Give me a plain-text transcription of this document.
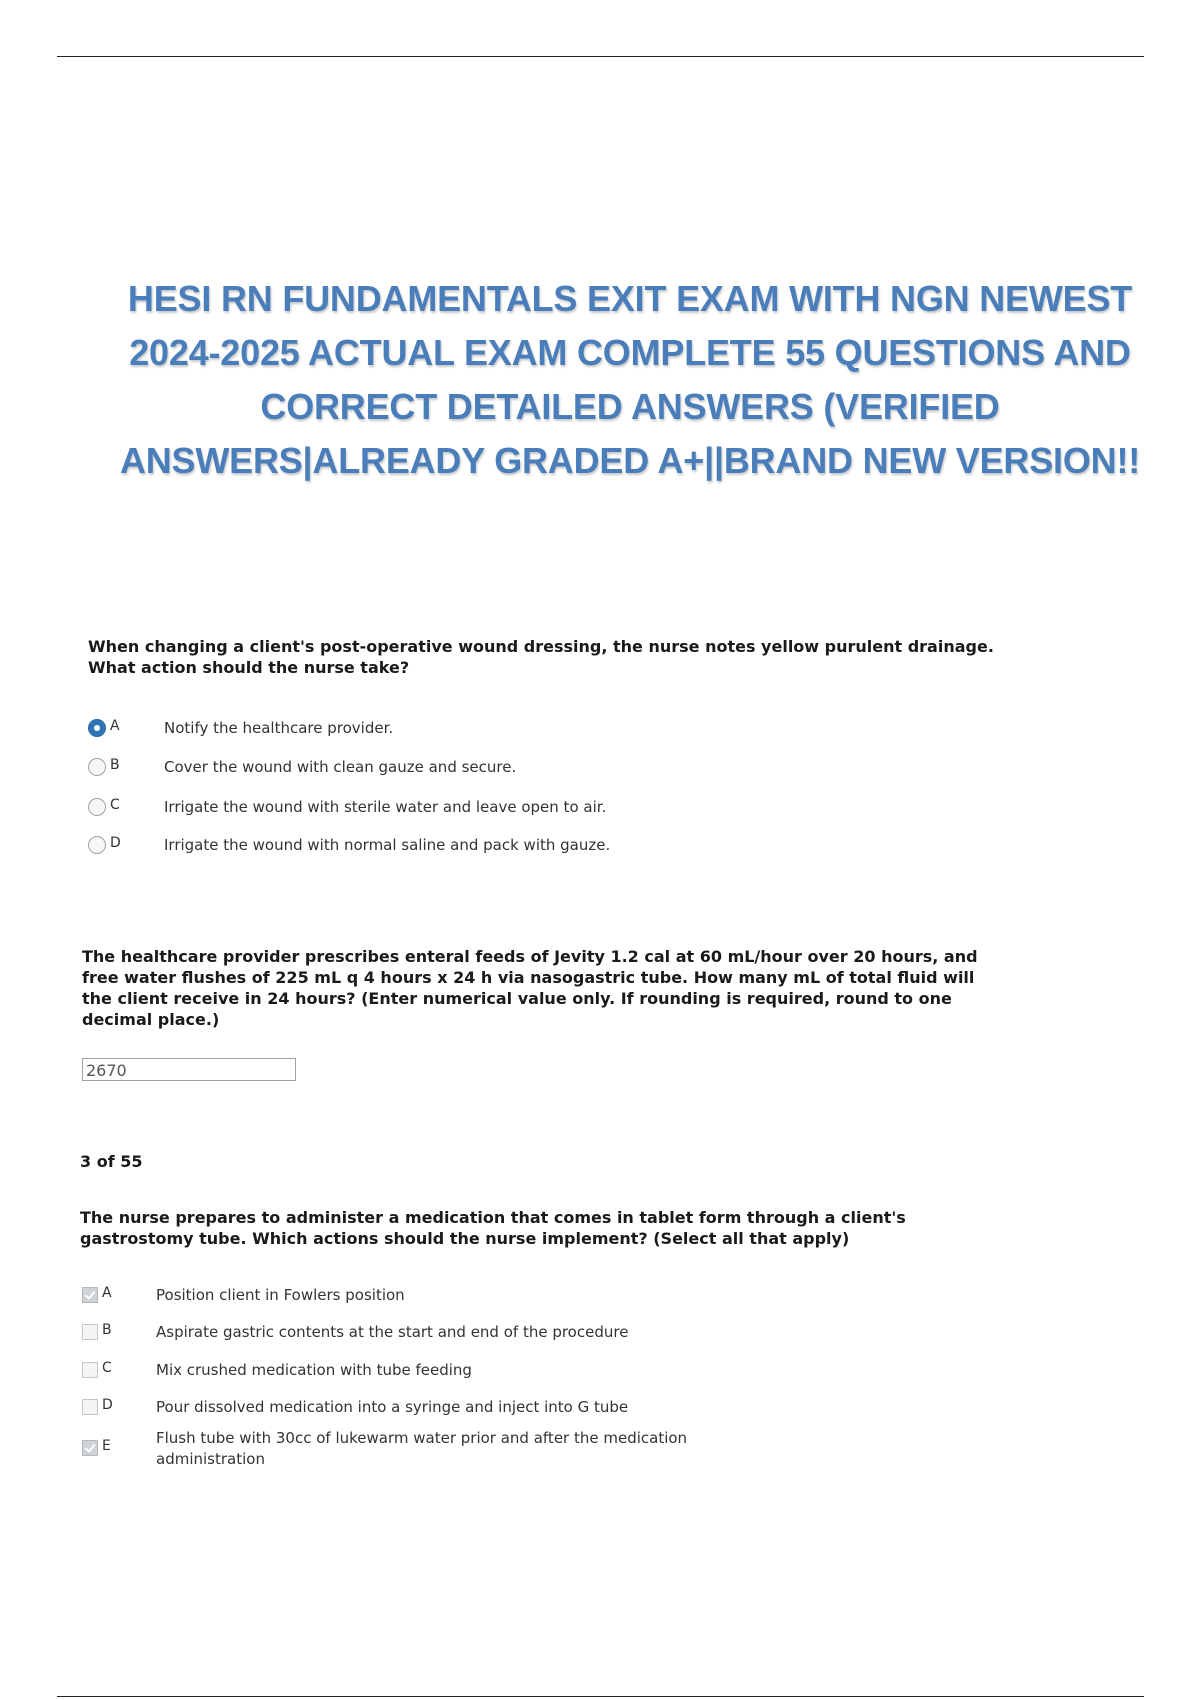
HESI RN FUNDAMENTALS EXIT EXAM WITH NGN NEWEST 2024-2025 ACTUAL EXAM COMPLETE 55 QUESTIONS AND CORRECT DETAILED ANSWERS (VERIFIED ANSWERS|ALREADY GRADED A+||BRAND NEW VERSION!!

When changing a client's post-operative wound dressing, the nurse notes yellow purulent drainage. What action should the nurse take?

A	Notify the healthcare provider.
B	Cover the wound with clean gauze and secure.
C	Irrigate the wound with sterile water and leave open to air.
D	Irrigate the wound with normal saline and pack with gauze.

The healthcare provider prescribes enteral feeds of Jevity 1.2 cal at 60 mL/hour over 20 hours, and free water flushes of 225 mL q 4 hours x 24 h via nasogastric tube. How many mL of total fluid will the client receive in 24 hours? (Enter numerical value only. If rounding is required, round to one decimal place.)

2670
3 of 55

The nurse prepares to administer a medication that comes in tablet form through a client's gastrostomy tube. Which actions should the nurse implement? (Select all that apply)

A	Position client in Fowlers position
B	Aspirate gastric contents at the start and end of the procedure
C	Mix crushed medication with tube feeding
D	Pour dissolved medication into a syringe and inject into G tube
E	Flush tube with 30cc of lukewarm water prior and after the medication administration
